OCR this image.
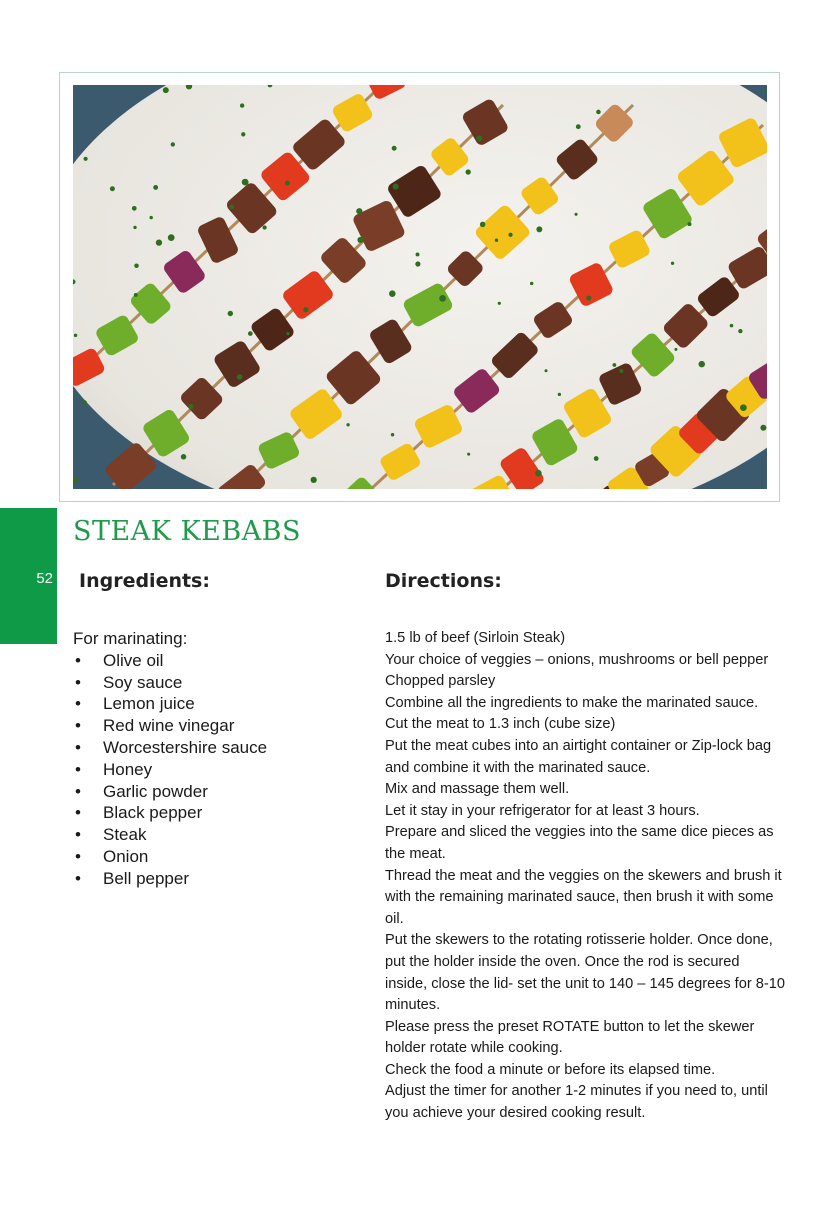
52
STEAK KEBABS
Ingredients:	Directions:
For marinating:
• Olive oil
• Soy sauce
• Lemon juice
• Red wine vinegar
• Worcestershire sauce
• Honey
• Garlic powder
• Black pepper
• Steak
• Onion
• Bell pepper

1.5 lb of beef (Sirloin Steak)

Your choice of veggies – onions, mushrooms or bell pepper

Chopped parsley

Combine all the ingredients to make the marinated sauce.

Cut the meat to 1.3 inch (cube size)

Put the meat cubes into an airtight container or Zip-lock bag and combine it with the marinated sauce.

Mix and massage them well.

Let it stay in your refrigerator for at least 3 hours.

Prepare and sliced the veggies into the same dice pieces as the meat.

Thread the meat and the veggies on the skewers and brush it with the remaining marinated sauce, then brush it with some oil.

Put the skewers to the rotating rotisserie holder. Once done, put the holder inside the oven. Once the rod is secured inside, close the lid- set the unit to 140 – 145 degrees for 8-10 minutes.

Please press the preset ROTATE button to let the skewer holder rotate while cooking.

Check the food a minute or before its elapsed time.

Adjust the timer for another 1-2 minutes if you need to, until you achieve your desired cooking result.
